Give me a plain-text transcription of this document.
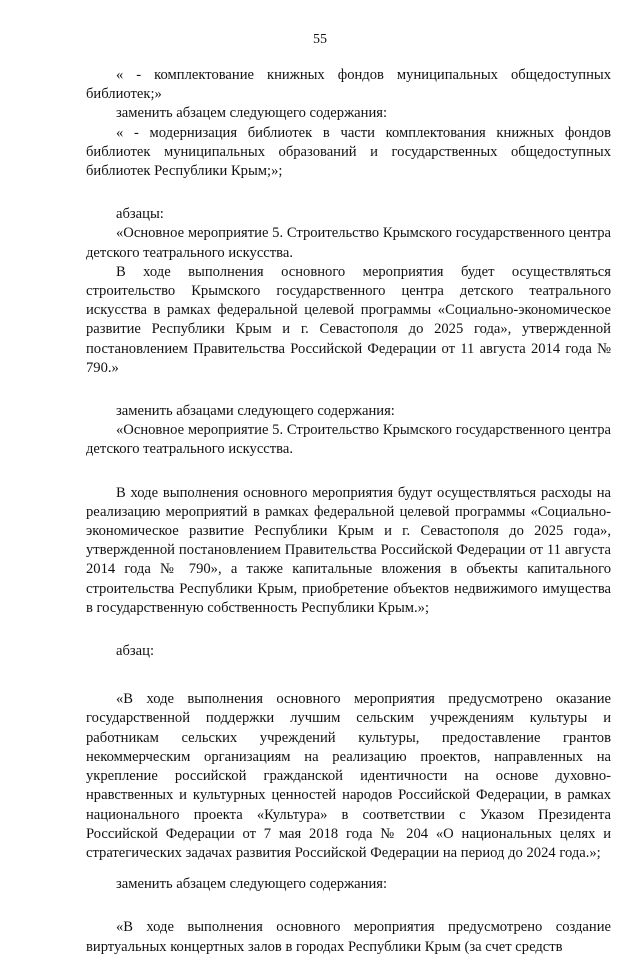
55

« - комплектование книжных фондов муниципальных общедоступных библиотек;»

заменить абзацем следующего содержания:

« - модернизация библиотек в части комплектования книжных фондов библиотек муниципальных образований и государственных общедоступных библиотек Республики Крым;»;

абзацы:

«Основное мероприятие 5. Строительство Крымского государственного центра детского театрального искусства.

В ходе выполнения основного мероприятия будет осуществляться строительство Крымского государственного центра детского театрального искусства в рамках федеральной целевой программы «Социально-экономическое развитие Республики Крым и г. Севастополя до 2025 года», утвержденной постановлением Правительства Российской Федерации от 11 августа 2014 года № 790.»

заменить абзацами следующего содержания:

«Основное мероприятие 5. Строительство Крымского государственного центра детского театрального искусства.

В ходе выполнения основного мероприятия будут осуществляться расходы на реализацию мероприятий в рамках федеральной целевой программы «Социально-экономическое развитие Республики Крым и г. Севастополя до 2025 года», утвержденной постановлением Правительства Российской Федерации от 11 августа 2014 года № 790», а также капитальные вложения в объекты капитального строительства Республики Крым, приобретение объектов недвижимого имущества в государственную собственность Республики Крым.»;

абзац:

«В ходе выполнения основного мероприятия предусмотрено оказание государственной поддержки лучшим сельским учреждениям культуры и работникам сельских учреждений культуры, предоставление грантов некоммерческим организациям на реализацию проектов, направленных на укрепление российской гражданской идентичности на основе духовно-нравственных и культурных ценностей народов Российской Федерации, в рамках национального проекта «Культура» в соответствии с Указом Президента Российской Федерации от 7 мая 2018 года № 204 «О национальных целях и стратегических задачах развития Российской Федерации на период до 2024 года.»;

заменить абзацем следующего содержания:

«В ходе выполнения основного мероприятия предусмотрено создание виртуальных концертных залов в городах Республики Крым (за счет средств
